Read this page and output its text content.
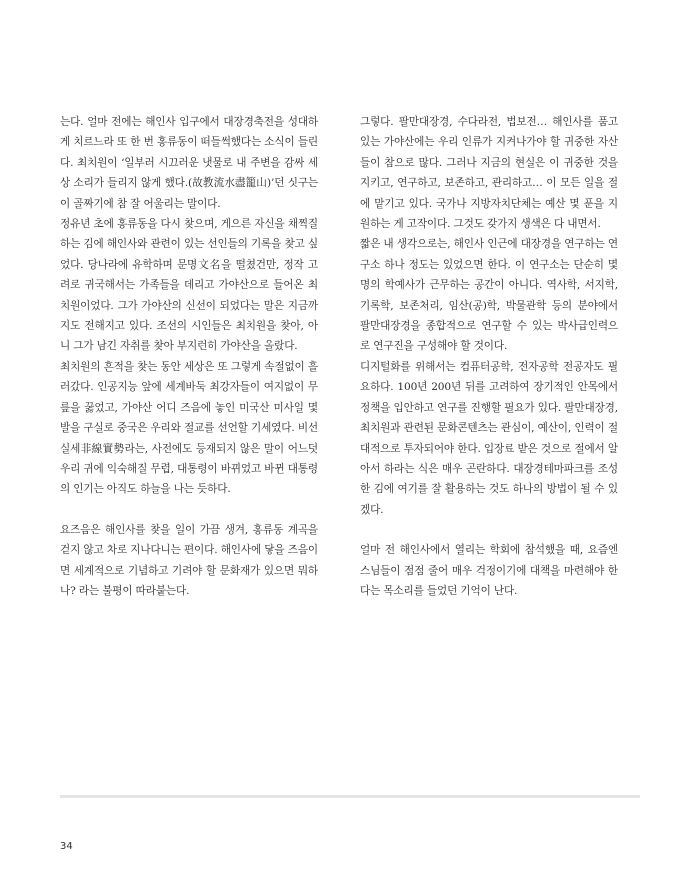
는다. 얼마 전에는 해인사 입구에서 대장경축전을 성대하게 치르느라 또 한 번 홍류동이 떠들썩했다는 소식이 들린다. 최치원이 ‘일부러 시끄러운 냇물로 내 주변을 감싸 세상 소리가 들리지 않게 했다.(故教流水盡籠山)’던 싯구는 이 골짜기에 참 잘 어울리는 말이다.

정유년 초에 홍류동을 다시 찾으며, 게으른 자신을 채찍질하는 김에 해인사와 관련이 있는 선인들의 기록을 찾고 싶었다. 당나라에 유학하며 문명文名을 떨쳤건만, 정작 고려로 귀국해서는 가족들을 데리고 가야산으로 들어온 최치원이었다. 그가 가야산의 신선이 되었다는 말은 지금까지도 전해지고 있다. 조선의 시인들은 최치원을 찾아, 아니 그가 남긴 자취를 찾아 부지런히 가야산을 올랐다.

최치원의 흔적을 찾는 동안 세상은 또 그렇게 속절없이 흘러갔다. 인공지능 앞에 세계바둑 최강자들이 여지없이 무릎을 꿇었고, 가야산 어디 즈음에 놓인 미국산 미사일 몇 발을 구실로 중국은 우리와 절교를 선언할 기세였다. 비선실세非線實勢라는, 사전에도 등재되지 않은 말이 어느덧 우리 귀에 익숙해질 무렵, 대통령이 바뀌었고 바뀐 대통령의 인기는 아직도 하늘을 나는 듯하다.

요즈음은 해인사를 찾을 일이 가끔 생겨, 홍류동 계곡을 걷지 않고 차로 지나다니는 편이다. 해인사에 닿을 즈음이면 세계적으로 기념하고 기려야 할 문화재가 있으면 뭐하나? 라는 불평이 따라붙는다.

그렇다. 팔만대장경, 수다라전, 법보전… 해인사를 품고 있는 가야산에는 우리 인류가 지켜나가야 할 귀중한 자산들이 참으로 많다. 그러나 지금의 현실은 이 귀중한 것을 지키고, 연구하고, 보존하고, 관리하고… 이 모든 일을 절에 맡기고 있다. 국가나 지방자치단체는 예산 몇 푼을 지원하는 게 고작이다. 그것도 갖가지 생색은 다 내면서.

짧은 내 생각으로는, 해인사 인근에 대장경을 연구하는 연구소 하나 정도는 있었으면 한다. 이 연구소는 단순히 몇 명의 학예사가 근무하는 공간이 아니다. 역사학, 서지학, 기록학, 보존처리, 임산(공)학, 박물관학 등의 분야에서 팔만대장경을 종합적으로 연구할 수 있는 박사급인력으로 연구진을 구성해야 할 것이다.

디지털화를 위해서는 컴퓨터공학, 전자공학 전공자도 필요하다. 100년 200년 뒤를 고려하여 장기적인 안목에서 정책을 입안하고 연구를 진행할 필요가 있다. 팔만대장경, 최치원과 관련된 문화콘텐츠는 관심이, 예산이, 인력이 절대적으로 투자되어야 한다. 입장료 받은 것으로 절에서 알아서 하라는 식은 매우 곤란하다. 대장경테마파크를 조성한 김에 여기를 잘 활용하는 것도 하나의 방법이 될 수 있겠다.

얼마 전 해인사에서 열리는 학회에 참석했을 때, 요즘엔 스님들이 점점 줄어 매우 걱정이기에 대책을 마련해야 한다는 목소리를 들었던 기억이 난다.

34
